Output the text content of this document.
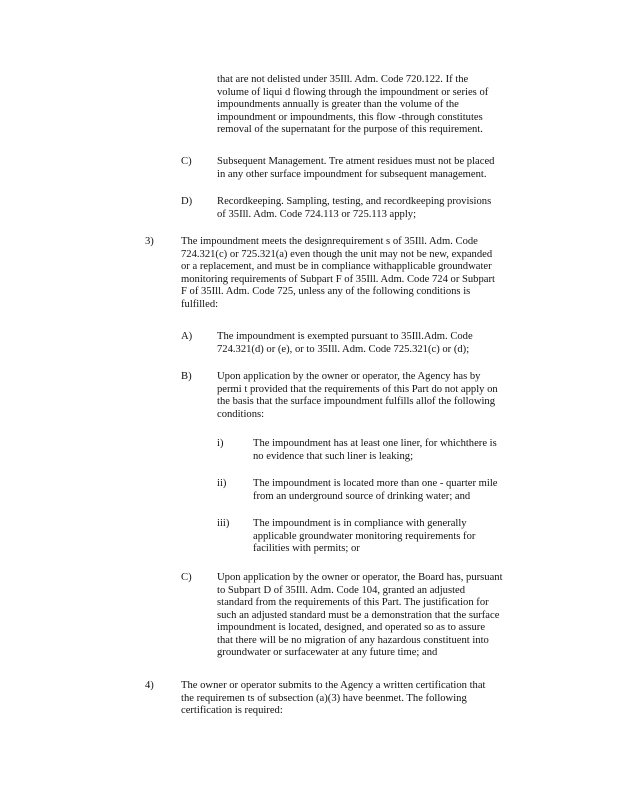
that are not delisted under 35Ill. Adm. Code 720.122. If the
volume of liqui d flowing through the impoundment or series of
impoundments annually is greater than the volume of the
impoundment or impoundments, this flow -through constitutes
removal of the supernatant for the purpose of this requirement.
C) Subsequent Management. Tre atment residues must not be placed
in any other surface impoundment for subsequent management.
D) Recordkeeping. Sampling, testing, and recordkeeping provisions
of 35Ill. Adm. Code 724.113 or 725.113 apply;
3)	The impoundment meets the designrequirement s of 35Ill. Adm. Code
724.321(c) or 725.321(a) even though the unit may not be new, expanded
or a replacement, and must be in compliance withapplicable groundwater
monitoring requirements of Subpart F of 35Ill. Adm. Code 724 or Subpart
F of 35Ill. Adm. Code 725, unless any of the following conditions is
fulfilled:
A) The impoundment is exempted pursuant to 35Ill.Adm. Code
724.321(d) or (e), or to 35Ill. Adm. Code 725.321(c) or (d);
B) Upon application by the owner or operator, the Agency has by
permi t provided that the requirements of this Part do not apply on
the basis that the surface impoundment fulfills allof the following
conditions:
i)	The impoundment has at least one liner, for whichthere is
no evidence that such liner is leaking;
ii)	The impoundment is located more than one - quarter mile
from an underground source of drinking water; and
iii) The impoundment is in compliance with generally
applicable groundwater monitoring requirements for
facilities with permits; or
C) Upon application by the owner or operator, the Board has, pursuant
to Subpart D of 35Ill. Adm. Code 104, granted an adjusted
standard from the requirements of this Part. The justification for
such an adjusted standard must be a demonstration that the surface
impoundment is located, designed, and operated so as to assure
that there will be no migration of any hazardous constituent into
groundwater or surfacewater at any future time; and
4)	The owner or operator submits to the Agency a written certification that
the requiremen ts of subsection (a)(3) have beenmet. The following
certification is required:
